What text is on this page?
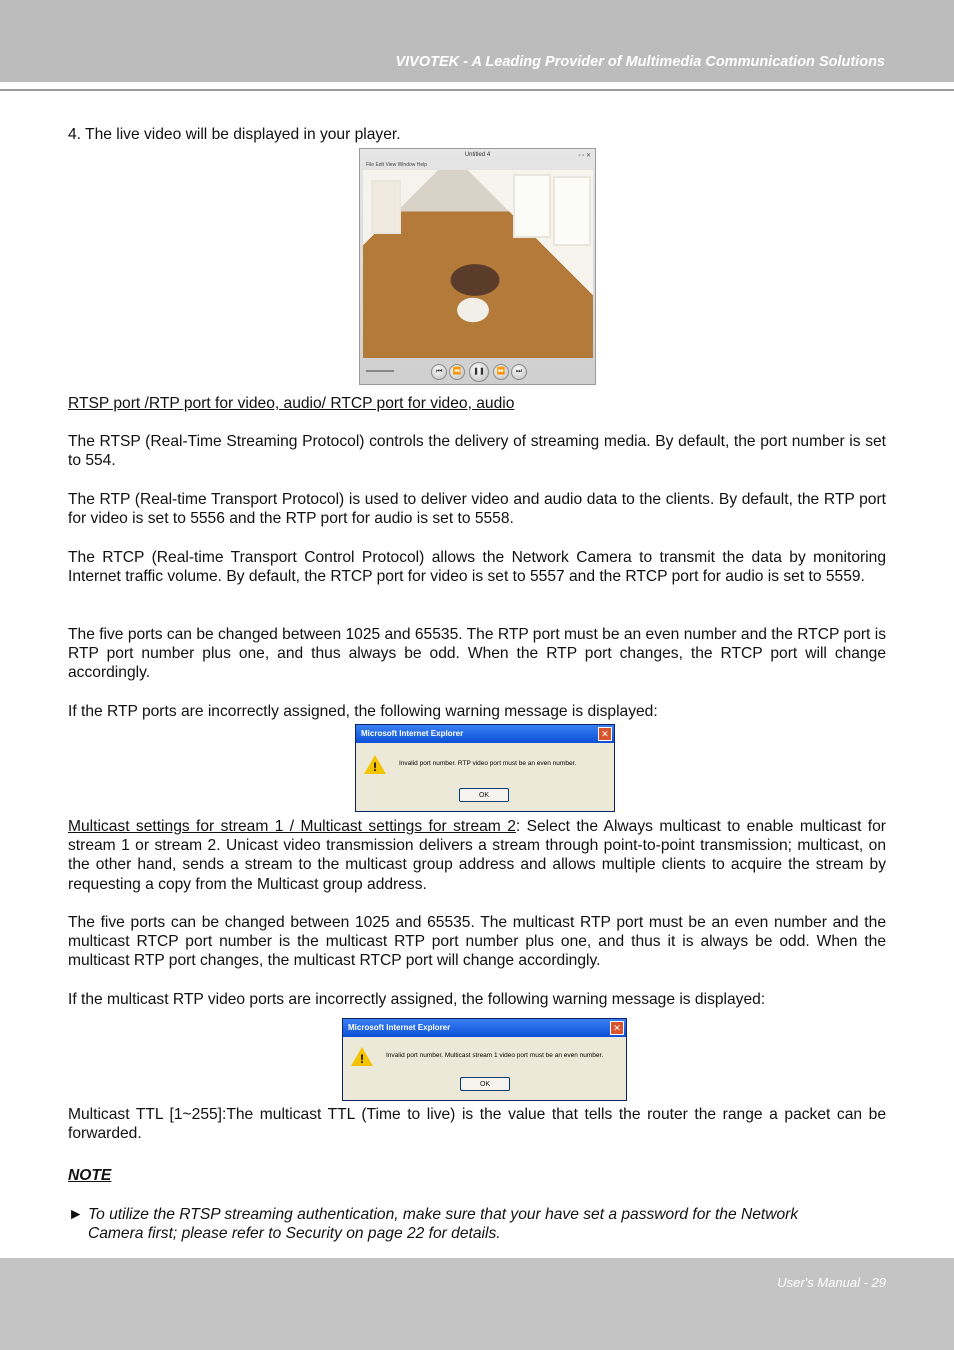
VIVOTEK - A Leading Provider of Multimedia Communication Solutions

4. The live video will be displayed in your player.

Untitled 4	▫ ▫ ✕
File Edit View Window Help
⏮	⏪	❚❚	⏩	⏭

RTSP port /RTP port for video, audio/ RTCP port for video, audio

The RTSP (Real-Time Streaming Protocol) controls the delivery of streaming media. By default, the port number is set to 554.

The RTP (Real-time Transport Protocol) is used to deliver video and audio data to the clients. By default, the RTP port for video is set to 5556 and the RTP port for audio is set to 5558.

The RTCP (Real-time Transport Control Protocol) allows the Network Camera to transmit the data by monitoring Internet traffic volume. By default, the RTCP port for video is set to 5557 and the RTCP port for audio is set to 5559.

The five ports can be changed between 1025 and 65535. The RTP port must be an even number and the RTCP port is RTP port number plus one, and thus always be odd. When the RTP port changes, the RTCP port will change accordingly.

If the RTP ports are incorrectly assigned, the following warning message is displayed:

Microsoft Internet Explorer	✕
!	Invalid port number. RTP video port must be an even number.
OK

Multicast settings for stream 1 / Multicast settings for stream 2: Select the Always multicast to enable multicast for stream 1 or stream 2. Unicast video transmission delivers a stream through point-to-point transmission; multicast, on the other hand, sends a stream to the multicast group address and allows multiple clients to acquire the stream by requesting a copy from the Multicast group address.

The five ports can be changed between 1025 and 65535. The multicast RTP port must be an even number and the multicast RTCP port number is the multicast RTP port number plus one, and thus it is always be odd. When the multicast RTP port changes, the multicast RTCP port will change accordingly.

If the multicast RTP video ports are incorrectly assigned, the following warning message is displayed:

Microsoft Internet Explorer	✕
!	Invalid port number. Multicast stream 1 video port must be an even number.
OK

Multicast TTL [1~255]:The multicast TTL (Time to live) is the value that tells the router the range a packet can be forwarded.

NOTE

► To utilize the RTSP streaming authentication, make sure that your have set a password for the Network Camera first; please refer to Security on page 22 for details.
User's Manual - 29
